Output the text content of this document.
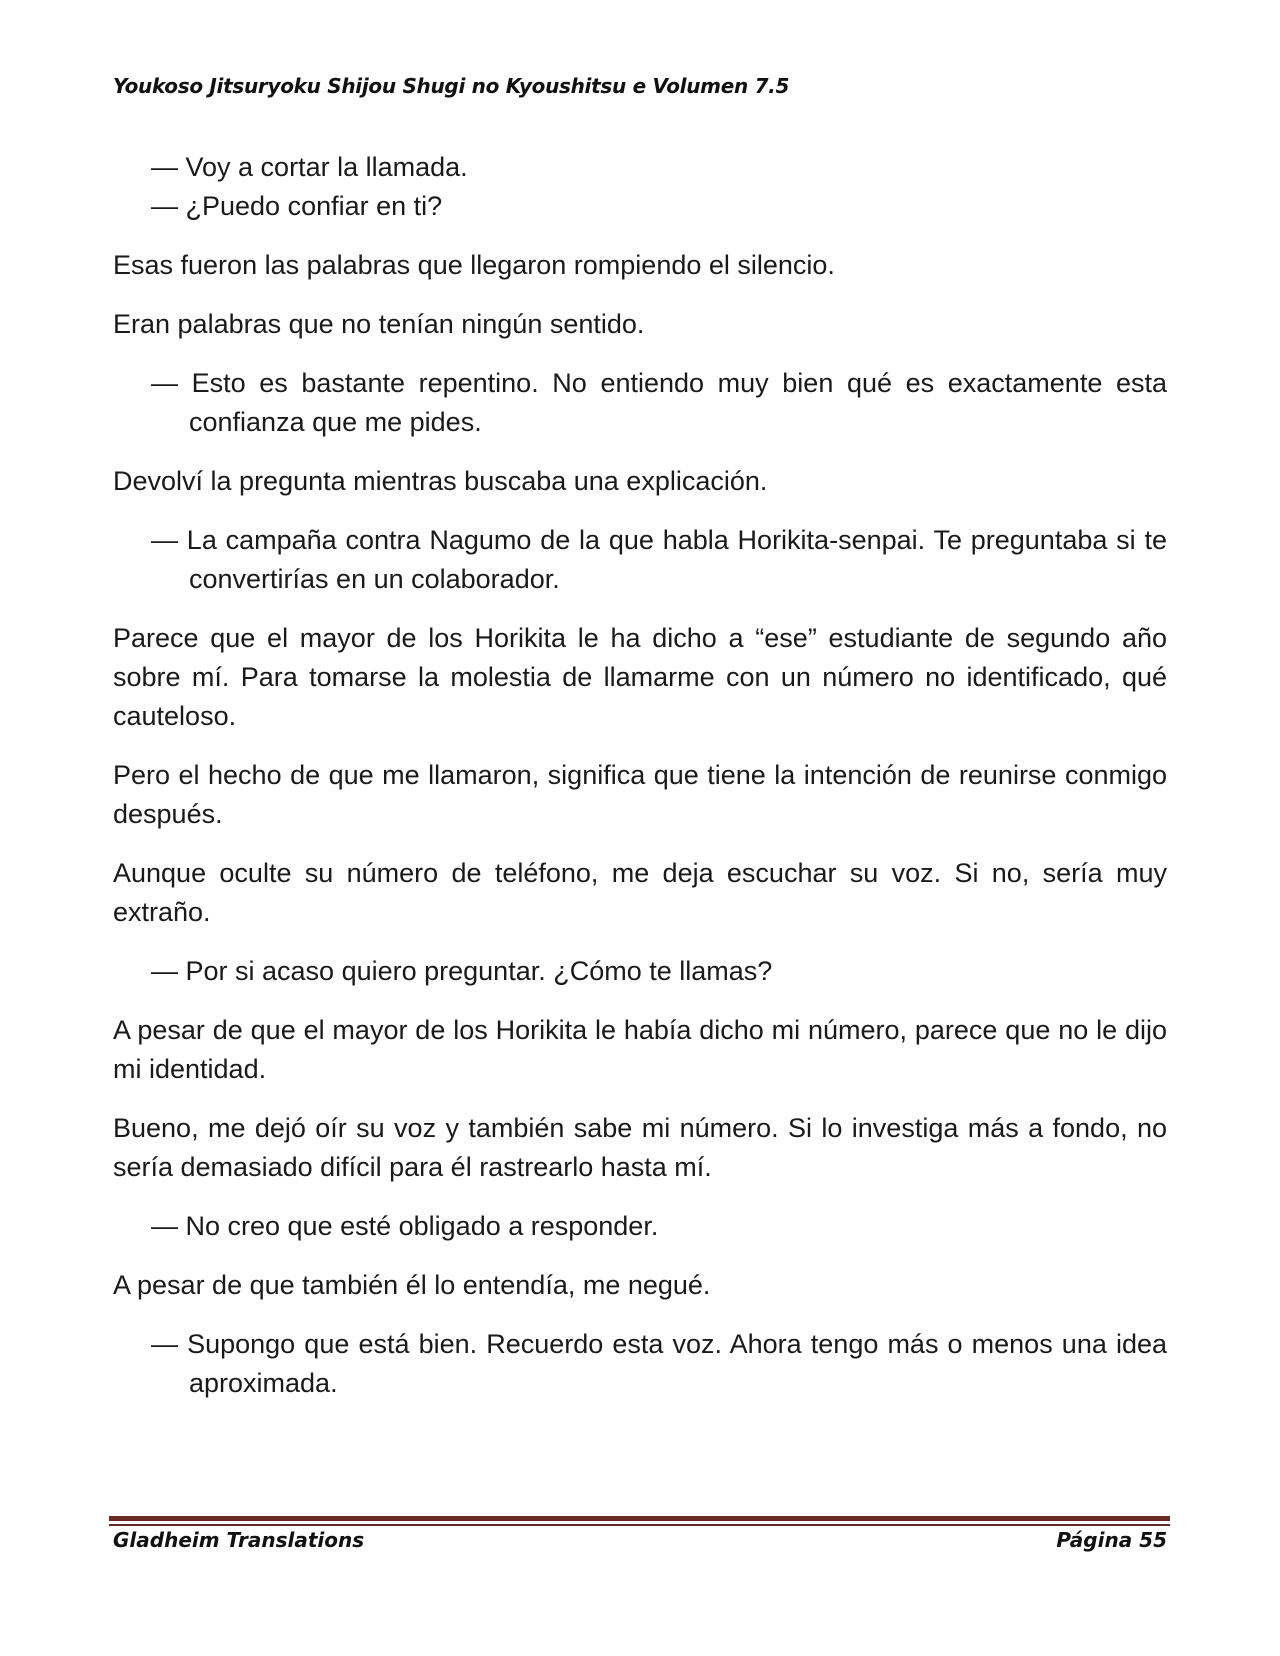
Youkoso Jitsuryoku Shijou Shugi no Kyoushitsu e Volumen 7.5

— Voy a cortar la llamada.

— ¿Puedo confiar en ti?

Esas fueron las palabras que llegaron rompiendo el silencio.

Eran palabras que no tenían ningún sentido.

— Esto es bastante repentino. No entiendo muy bien qué es exactamente esta confianza que me pides.

Devolví la pregunta mientras buscaba una explicación.

— La campaña contra Nagumo de la que habla Horikita-senpai. Te preguntaba si te convertirías en un colaborador.

Parece que el mayor de los Horikita le ha dicho a “ese” estudiante de segundo año sobre mí. Para tomarse la molestia de llamarme con un número no identificado, qué cauteloso.

Pero el hecho de que me llamaron, significa que tiene la intención de reunirse conmigo después.

Aunque oculte su número de teléfono, me deja escuchar su voz. Si no, sería muy extraño.

— Por si acaso quiero preguntar. ¿Cómo te llamas?

A pesar de que el mayor de los Horikita le había dicho mi número, parece que no le dijo mi identidad.

Bueno, me dejó oír su voz y también sabe mi número. Si lo investiga más a fondo, no sería demasiado difícil para él rastrearlo hasta mí.

— No creo que esté obligado a responder.

A pesar de que también él lo entendía, me negué.

— Supongo que está bien. Recuerdo esta voz. Ahora tengo más o menos una idea aproximada.

Gladheim Translations	Página 55
